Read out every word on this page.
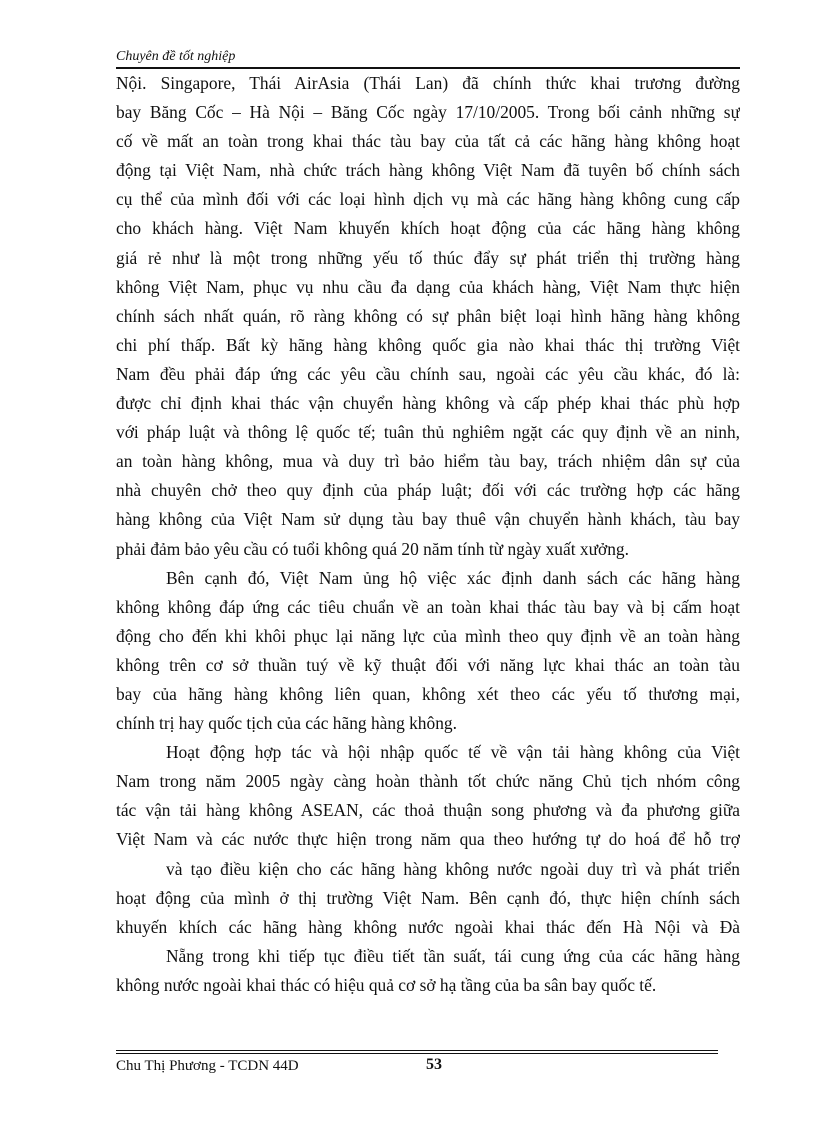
Chuyên đề tốt nghiệp
Nội. Singapore, Thái AirAsia (Thái Lan) đã chính thức khai trương đường
bay Băng Cốc – Hà Nội – Băng Cốc ngày 17/10/2005. Trong bối cảnh những sự
cố về mất an toàn trong khai thác tàu bay của tất cả các hãng hàng không hoạt
động tại Việt Nam, nhà chức trách hàng không Việt Nam đã tuyên bố chính sách
cụ thể của mình đối với các loại hình dịch vụ mà các hãng hàng không cung cấp
cho khách hàng. Việt Nam khuyến khích hoạt động của các hãng hàng không
giá rẻ như là một trong những yếu tố thúc đẩy sự phát triển thị trường hàng
không Việt Nam, phục vụ nhu cầu đa dạng của khách hàng, Việt Nam thực hiện
chính sách nhất quán, rõ ràng không có sự phân biệt loại hình hãng hàng không
chi phí thấp. Bất kỳ hãng hàng không quốc gia nào khai thác thị trường Việt
Nam đều phải đáp ứng các yêu cầu chính sau, ngoài các yêu cầu khác, đó là:
được chỉ định khai thác vận chuyển hàng không và cấp phép khai thác phù hợp
với pháp luật và thông lệ quốc tế; tuân thủ nghiêm ngặt các quy định về an ninh,
an toàn hàng không, mua và duy trì bảo hiểm tàu bay, trách nhiệm dân sự của
nhà chuyên chở theo quy định của pháp luật; đối với các trường hợp các hãng
hàng không của Việt Nam sử dụng tàu bay thuê vận chuyển hành khách, tàu bay
phải đảm bảo yêu cầu có tuổi không quá 20 năm tính từ ngày xuất xưởng.
Bên cạnh đó, Việt Nam ủng hộ việc xác định danh sách các hãng hàng
không không đáp ứng các tiêu chuẩn về an toàn khai thác tàu bay và bị cấm hoạt
động cho đến khi khôi phục lại năng lực của mình theo quy định về an toàn hàng
không trên cơ sở thuần tuý về kỹ thuật đối với năng lực khai thác an toàn tàu
bay của hãng hàng không liên quan, không xét theo các yếu tố thương mại,
chính trị hay quốc tịch của các hãng hàng không.
Hoạt động hợp tác và hội nhập quốc tế về vận tải hàng không của Việt
Nam trong năm 2005 ngày càng hoàn thành tốt chức năng Chủ tịch nhóm công
tác vận tải hàng không ASEAN, các thoả thuận song phương và đa phương giữa
Việt Nam và các nước thực hiện trong năm qua theo hướng tự do hoá để hỗ trợ
và tạo điều kiện cho các hãng hàng không nước ngoài duy trì và phát triển
hoạt động của mình ở thị trường Việt Nam. Bên cạnh đó, thực hiện chính sách
khuyến khích các hãng hàng không nước ngoài khai thác đến Hà Nội và Đà
Nẵng trong khi tiếp tục điều tiết tần suất, tái cung ứng của các hãng hàng
không nước ngoài khai thác có hiệu quả cơ sở hạ tầng của ba sân bay quốc tế.
Chu Thị Phương - TCDN 44D	53
